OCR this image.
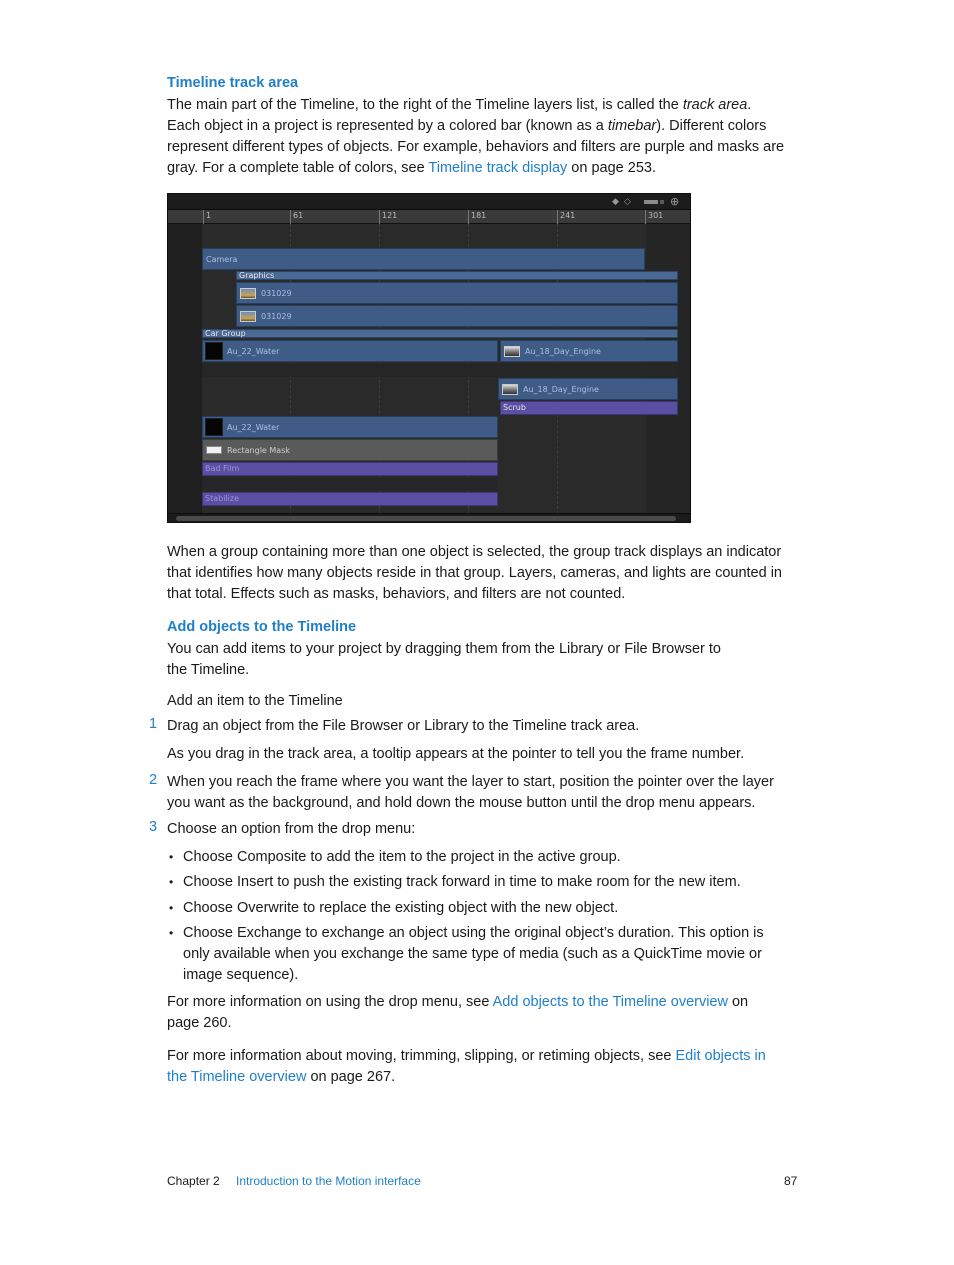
Timeline track area
The main part of the Timeline, to the right of the Timeline layers list, is called the track area.
Each object in a project is represented by a colored bar (known as a timebar). Different colors
represent different types of objects. For example, behaviors and filters are purple and masks are
gray. For a complete table of colors, see Timeline track display on page 253.
◆ ◇	⊕
1	61	121	181	241	301
Camera
Graphics
031029
031029
Car Group
Au_22_Water	Au_18_Day_Engine
Au_18_Day_Engine
Scrub
Au_22_Water
Rectangle Mask
Bad Film
Stabilize
When a group containing more than one object is selected, the group track displays an indicator
that identifies how many objects reside in that group. Layers, cameras, and lights are counted in
that total. Effects such as masks, behaviors, and filters are not counted.
Add objects to the Timeline
You can add items to your project by dragging them from the Library or File Browser to
the Timeline.
Add an item to the Timeline
1 Drag an object from the File Browser or Library to the Timeline track area.
As you drag in the track area, a tooltip appears at the pointer to tell you the frame number.
2 When you reach the frame where you want the layer to start, position the pointer over the layer
you want as the background, and hold down the mouse button until the drop menu appears.
3 Choose an option from the drop menu:
• Choose Composite to add the item to the project in the active group.
• Choose Insert to push the existing track forward in time to make room for the new item.
• Choose Overwrite to replace the existing object with the new object.
• Choose Exchange to exchange an object using the original object’s duration. This option is
only available when you exchange the same type of media (such as a QuickTime movie or
image sequence).
For more information on using the drop menu, see Add objects to the Timeline overview on
page 260.
For more information about moving, trimming, slipping, or retiming objects, see Edit objects in
the Timeline overview on page 267.
Chapter 2 Introduction to the Motion interface	87
